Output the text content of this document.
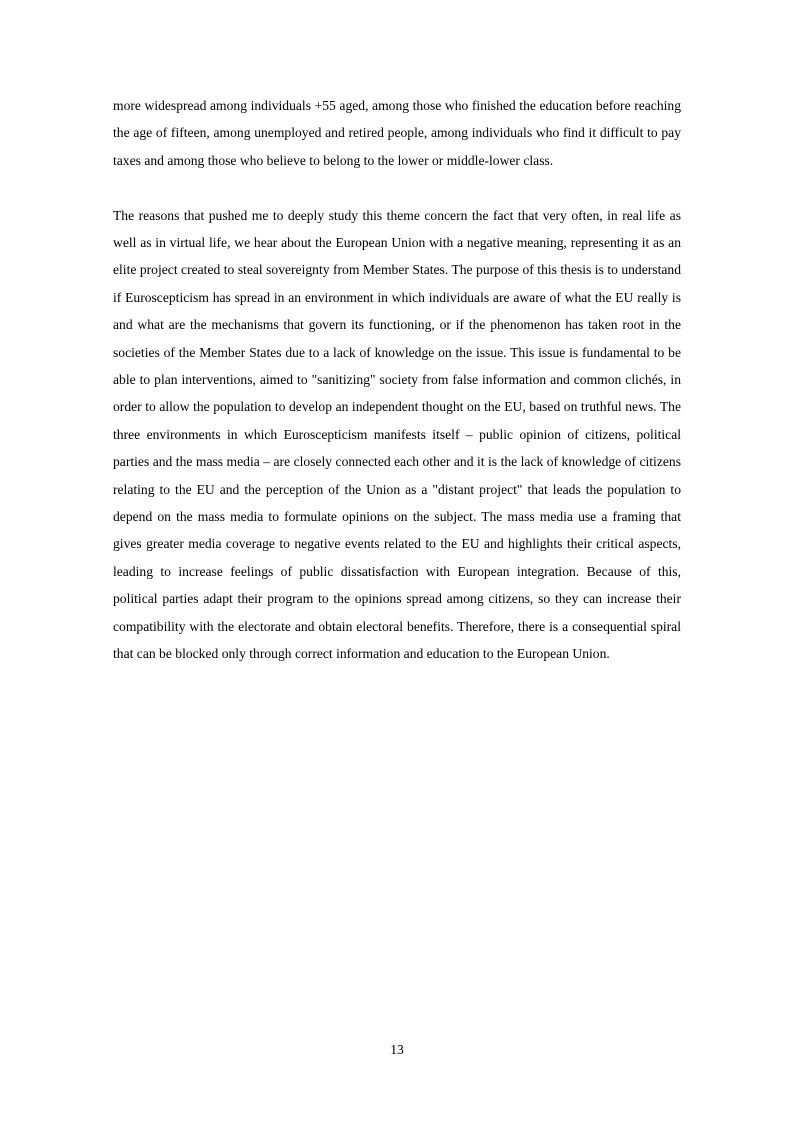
more widespread among individuals +55 aged, among those who finished the education before reaching the age of fifteen, among unemployed and retired people, among individuals who find it difficult to pay taxes and among those who believe to belong to the lower or middle-lower class.

The reasons that pushed me to deeply study this theme concern the fact that very often, in real life as well as in virtual life, we hear about the European Union with a negative meaning, representing it as an elite project created to steal sovereignty from Member States. The purpose of this thesis is to understand if Euroscepticism has spread in an environment in which individuals are aware of what the EU really is and what are the mechanisms that govern its functioning, or if the phenomenon has taken root in the societies of the Member States due to a lack of knowledge on the issue. This issue is fundamental to be able to plan interventions, aimed to "sanitizing" society from false information and common clichés, in order to allow the population to develop an independent thought on the EU, based on truthful news. The three environments in which Euroscepticism manifests itself – public opinion of citizens, political parties and the mass media – are closely connected each other and it is the lack of knowledge of citizens relating to the EU and the perception of the Union as a "distant project" that leads the population to depend on the mass media to formulate opinions on the subject. The mass media use a framing that gives greater media coverage to negative events related to the EU and highlights their critical aspects, leading to increase feelings of public dissatisfaction with European integration. Because of this, political parties adapt their program to the opinions spread among citizens, so they can increase their compatibility with the electorate and obtain electoral benefits. Therefore, there is a consequential spiral that can be blocked only through correct information and education to the European Union.

13
